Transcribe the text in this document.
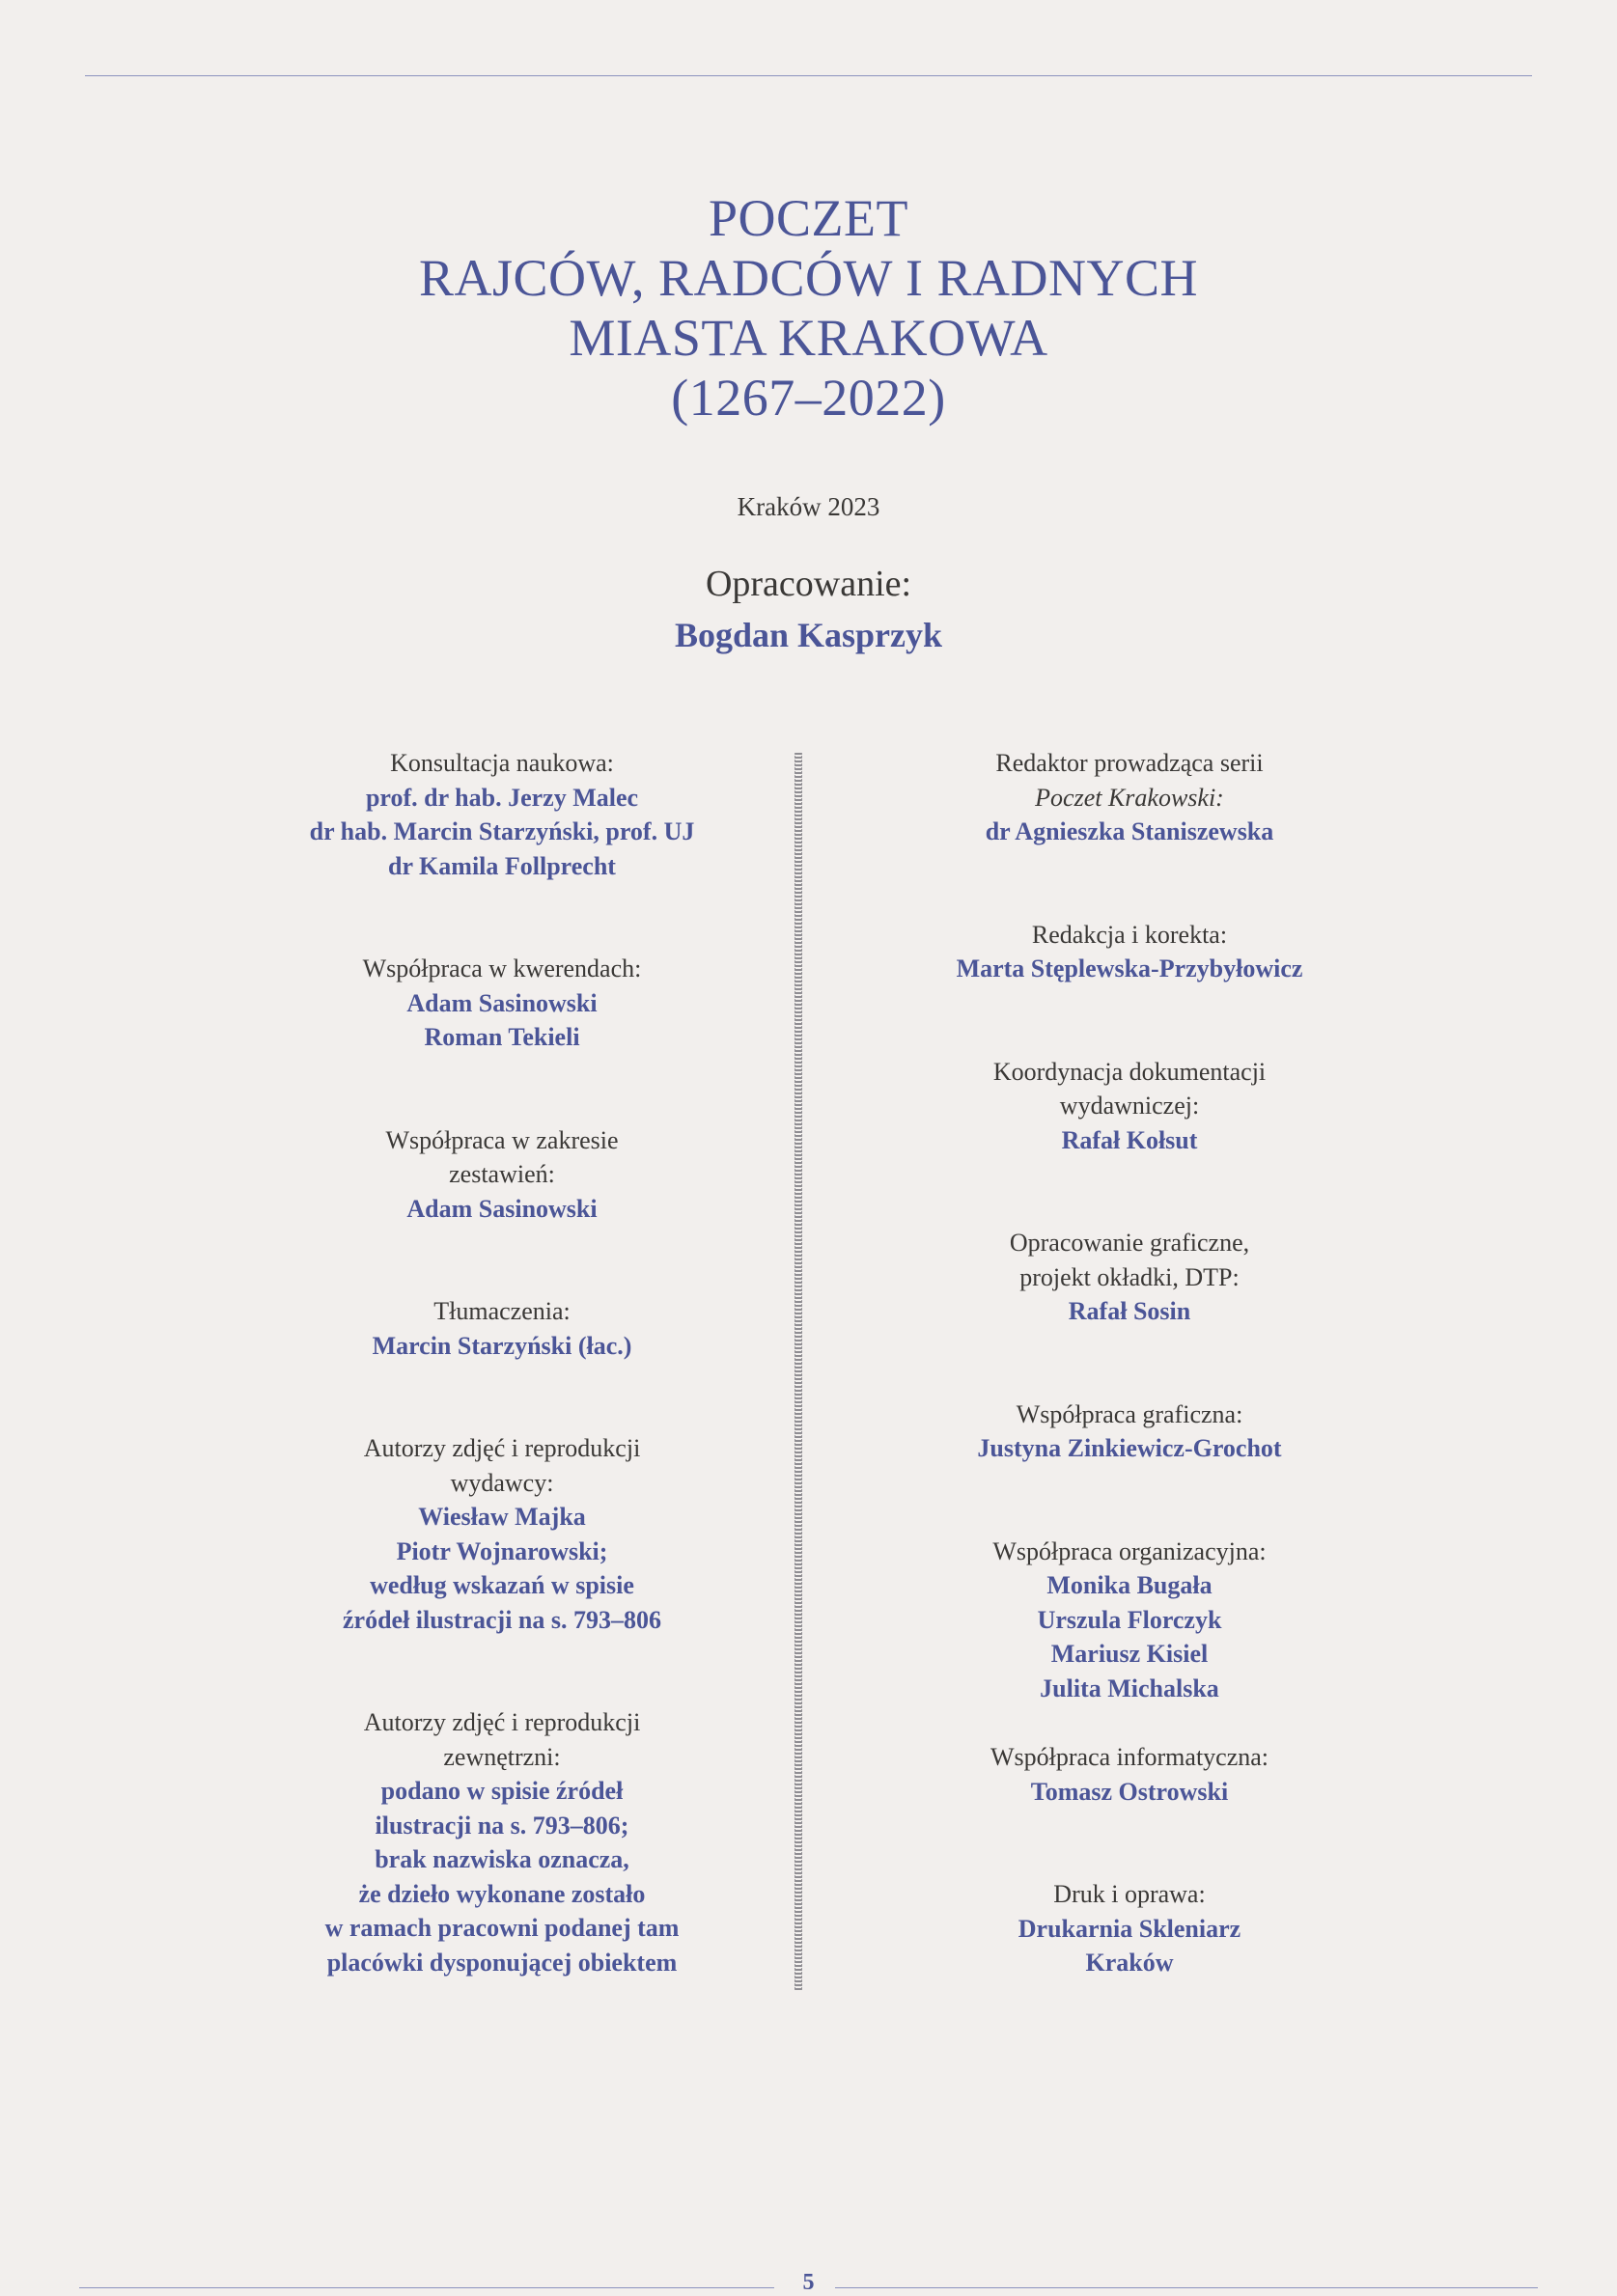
POCZET
RAJCÓW, RADCÓW I RADNYCH
MIASTA KRAKOWA
(1267–2022)
Kraków 2023
Opracowanie:
Bogdan Kasprzyk
Konsultacja naukowa:
prof. dr hab. Jerzy Malec
dr hab. Marcin Starzyński, prof. UJ
dr Kamila Follprecht
Współpraca w kwerendach:
Adam Sasinowski
Roman Tekieli
Współpraca w zakresie
zestawień:
Adam Sasinowski
Tłumaczenia:
Marcin Starzyński (łac.)
Autorzy zdjęć i reprodukcji
wydawcy:
Wiesław Majka
Piotr Wojnarowski;
według wskazań w spisie
źródeł ilustracji na s. 793–806
Autorzy zdjęć i reprodukcji
zewnętrzni:
podano w spisie źródeł
ilustracji na s. 793–806;
brak nazwiska oznacza,
że dzieło wykonane zostało
w ramach pracowni podanej tam
placówki dysponującej obiektem
Redaktor prowadząca serii
Poczet Krakowski:
dr Agnieszka Staniszewska
Redakcja i korekta:
Marta Stęplewska-Przybyłowicz
Koordynacja dokumentacji
wydawniczej:
Rafał Kołsut
Opracowanie graficzne,
projekt okładki, DTP:
Rafał Sosin
Współpraca graficzna:
Justyna Zinkiewicz-Grochot
Współpraca organizacyjna:
Monika Bugała
Urszula Florczyk
Mariusz Kisiel
Julita Michalska
Współpraca informatyczna:
Tomasz Ostrowski
Druk i oprawa:
Drukarnia Skleniarz
Kraków
5
